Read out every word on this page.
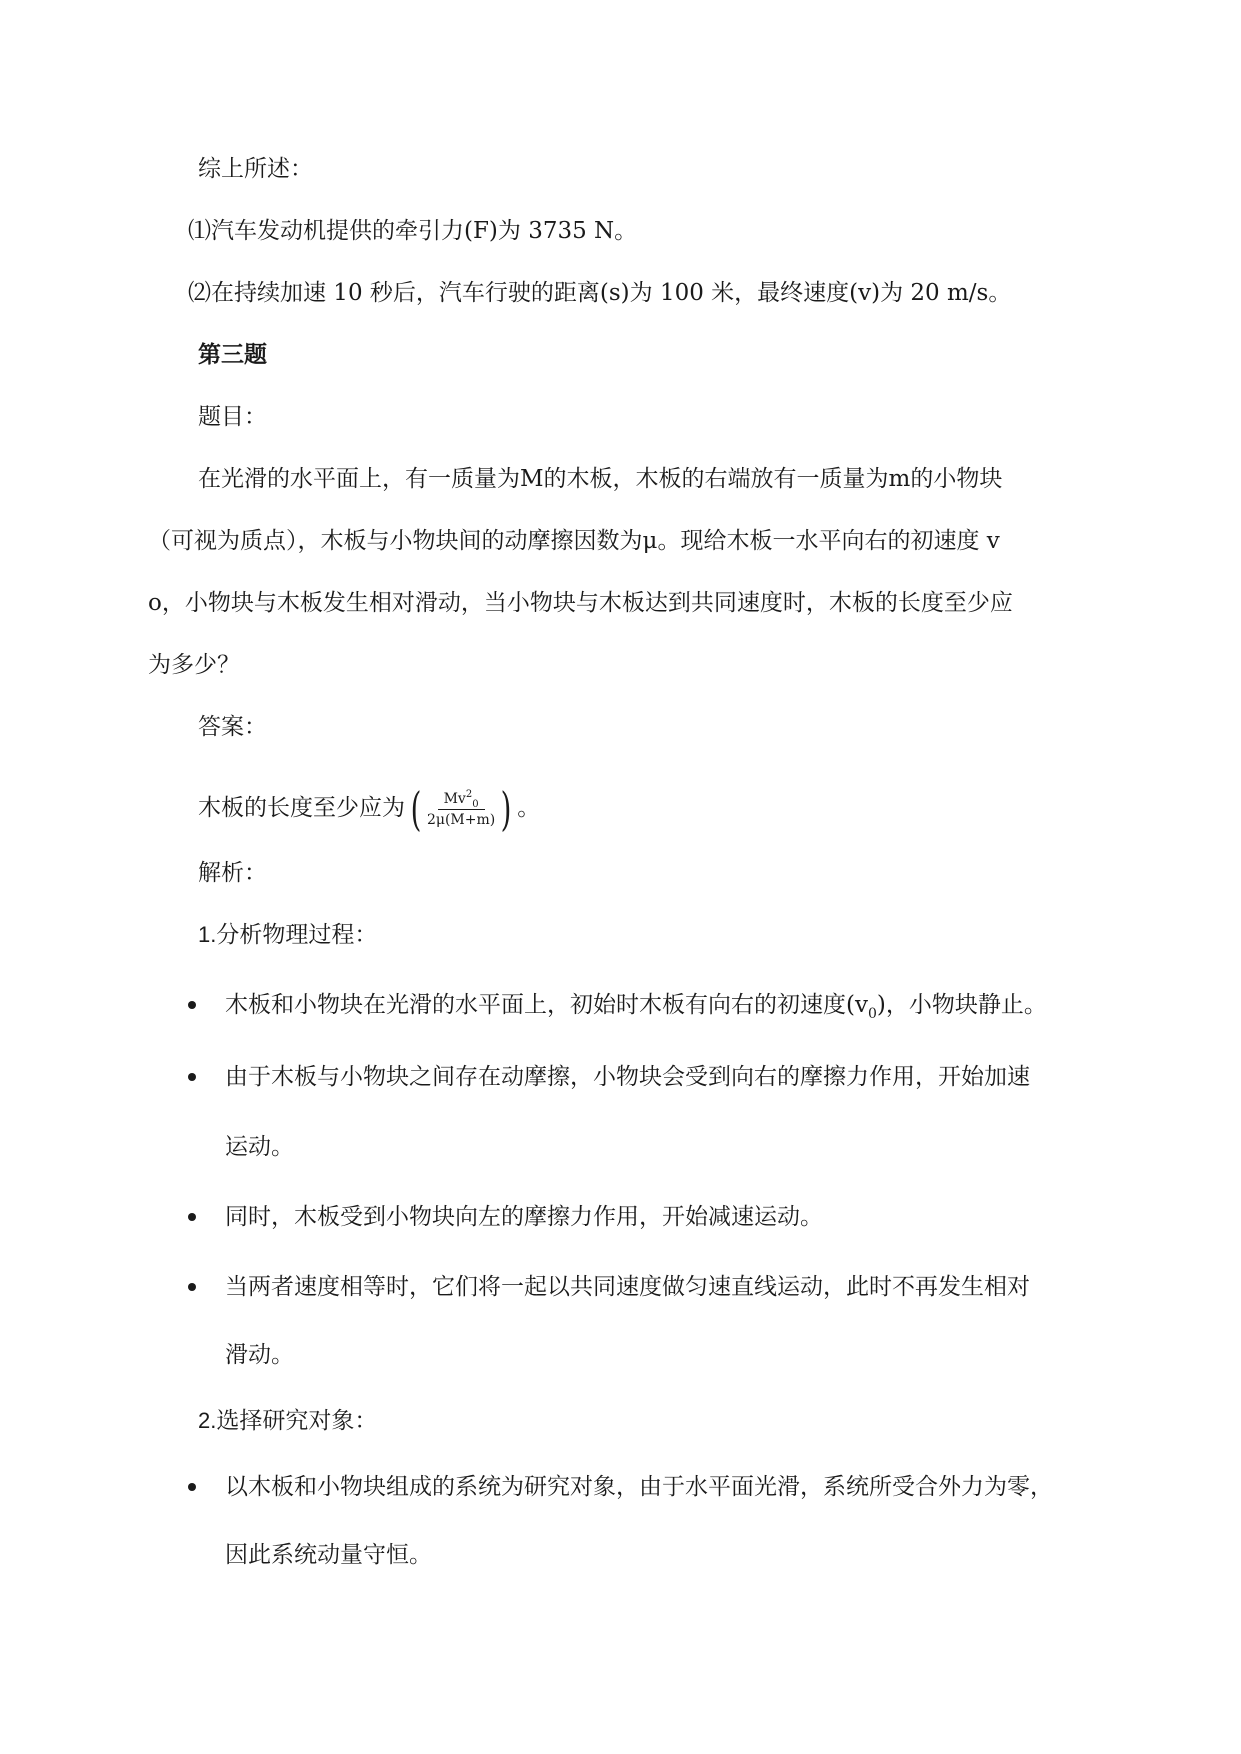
综上所述：
⑴汽车发动机提供的牵引力(F)为 3735 N。
⑵在持续加速 10 秒后，汽车行驶的距离(s)为 100 米，最终速度(v)为 20 m/s。
第三题
题目：
在光滑的水平面上，有一质量为M的木板，木板的右端放有一质量为m的小物块
（可视为质点），木板与小物块间的动摩擦因数为μ。现给木板一水平向右的初速度 v
o，小物块与木板发生相对滑动，当小物块与木板达到共同速度时，木板的长度至少应
为多少？
答案：
木板的长度至少应为 ( $\frac{Mv^2_0}{2\mu(M+m)}$ ) 。
解析：
1.分析物理过程：
木板和小物块在光滑的水平面上，初始时木板有向右的初速度$(v_0)$，小物块静止。
由于木板与小物块之间存在动摩擦，小物块会受到向右的摩擦力作用，开始加速
运动。
同时，木板受到小物块向左的摩擦力作用，开始减速运动。
当两者速度相等时，它们将一起以共同速度做匀速直线运动，此时不再发生相对
滑动。
2.选择研究对象：
以木板和小物块组成的系统为研究对象，由于水平面光滑，系统所受合外力为零，
因此系统动量守恒。
